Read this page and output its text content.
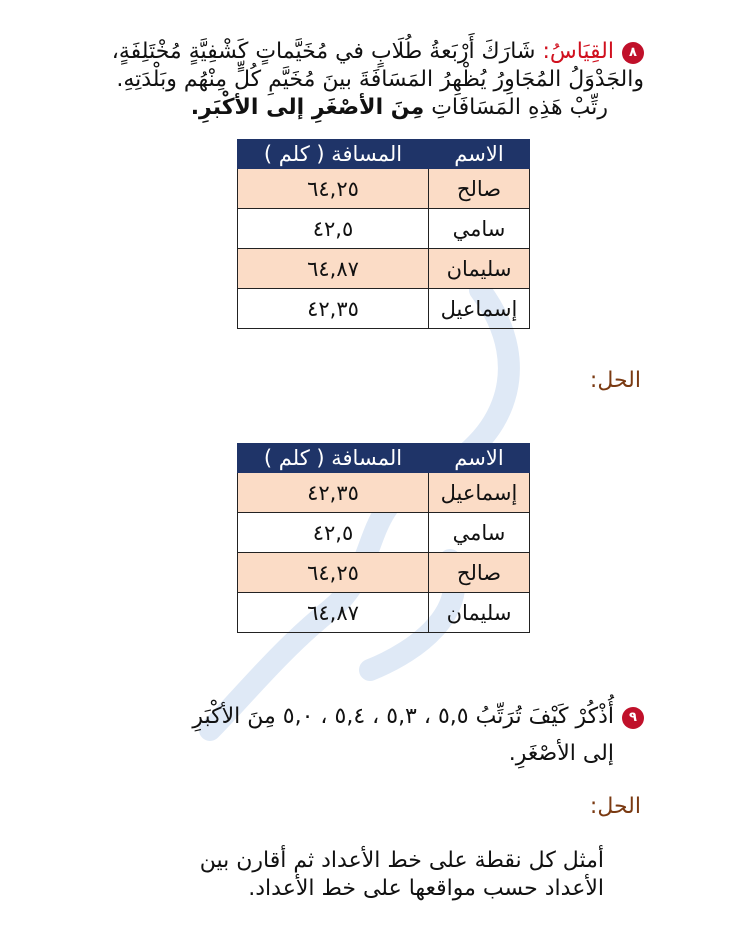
٨القِيَاسُ: شَارَكَ أَرْبَعةُ طُلَابٍ في مُخَيَّماتٍ كَشْفِيَّةٍ مُخْتَلِفَةٍ،
والجَدْوَلُ المُجَاوِرُ يُظْهِرُ المَسَافَةَ بينَ مُخَيَّمِ كُلٍّ مِنْهُم وبَلْدَتِهِ.
رتِّبْ هَذِهِ المَسَافَاتِ مِنَ الأصْغَرِ إلى الأكْبَرِ.
الاسم	المسافة ( كلم )
صالح	٦٤,٢٥
سامي	٤٢,٥
سليمان	٦٤,٨٧
إسماعيل	٤٢,٣٥
الحل:
الاسم	المسافة ( كلم )
إسماعيل	٤٢,٣٥
سامي	٤٢,٥
صالح	٦٤,٢٥
سليمان	٦٤,٨٧
٩أُذْكُرْ كَيْفَ تُرَتِّبُ ٥,٥ ، ٥,٣ ، ٥,٤ ، ٥,٠ مِنَ الأكْبَرِ
إلى الأصْغَرِ.
الحل:
أمثل كل نقطة على خط الأعداد ثم أقارن بين
الأعداد حسب مواقعها على خط الأعداد.
